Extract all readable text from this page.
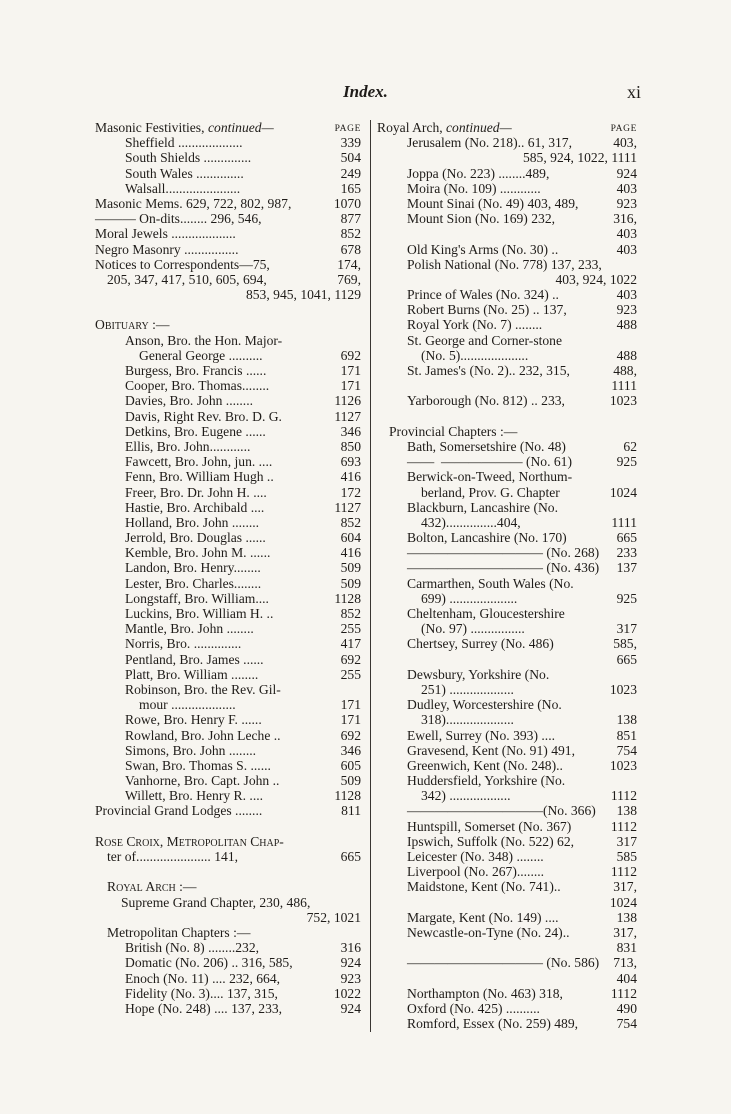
Index.	xi
Masonic Festivities, continued—	PAGE
Sheffield ...................	339
South Shields ..............	504
South Wales ..............	249
Walsall......................	165
Masonic Mems. 629, 722, 802, 987,	1070
——— On-dits........ 296, 546,	877
Moral Jewels ...................	852
Negro Masonry ................	678
Notices to Correspondents—75,	174,
205, 347, 417, 510, 605, 694,	769,
853, 945, 1041, 1129
Obituary :—
Anson, Bro. the Hon. Major-
General George ..........	692
Burgess, Bro. Francis ......	171
Cooper, Bro. Thomas........	171
Davies, Bro. John ........	1126
Davis, Right Rev. Bro. D. G.	1127
Detkins, Bro. Eugene ......	346
Ellis, Bro. John............	850
Fawcett, Bro. John, jun. ....	693
Fenn, Bro. William Hugh ..	416
Freer, Bro. Dr. John H. ....	172
Hastie, Bro. Archibald ....	1127
Holland, Bro. John ........	852
Jerrold, Bro. Douglas ......	604
Kemble, Bro. John M. ......	416
Landon, Bro. Henry........	509
Lester, Bro. Charles........	509
Longstaff, Bro. William....	1128
Luckins, Bro. William H. ..	852
Mantle, Bro. John ........	255
Norris, Bro. ..............	417
Pentland, Bro. James ......	692
Platt, Bro. William ........	255
Robinson, Bro. the Rev. Gil-
mour ...................	171
Rowe, Bro. Henry F. ......	171
Rowland, Bro. John Leche ..	692
Simons, Bro. John ........	346
Swan, Bro. Thomas S. ......	605
Vanhorne, Bro. Capt. John ..	509
Willett, Bro. Henry R. ....	1128
Provincial Grand Lodges ........	811
Rose Croix, Metropolitan Chap-
ter of...................... 141,	665
Royal Arch :—
Supreme Grand Chapter, 230, 486,
752, 1021
Metropolitan Chapters :—
British (No. 8) ........232,	316
Domatic (No. 206) .. 316, 585,	924
Enoch (No. 11) .... 232, 664,	923
Fidelity (No. 3).... 137, 315,	1022
Hope (No. 248) .... 137, 233,	924
Royal Arch, continued—	PAGE
Jerusalem (No. 218).. 61, 317,	403,
585, 924, 1022, 1111
Joppa (No. 223) ........489,	924
Moira (No. 109) ............	403
Mount Sinai (No. 49) 403, 489,	923
Mount Sion (No. 169) 232,	316,
403
Old King's Arms (No. 30) ..	403
Polish National (No. 778) 137, 233,
403, 924, 1022
Prince of Wales (No. 324) ..	403
Robert Burns (No. 25) .. 137,	923
Royal York (No. 7) ........	488
St. George and Corner-stone
(No. 5)....................	488
St. James's (No. 2).. 232, 315,	488,
1111
Yarborough (No. 812) .. 233,	1023
Provincial Chapters :—
Bath, Somersetshire (No. 48)	62
——  —————— (No. 61)	925
Berwick-on-Tweed, Northum-
berland, Prov. G. Chapter	1024
Blackburn, Lancashire (No.
432)...............404,	1111
Bolton, Lancashire (No. 170)	665
—————————— (No. 268) 233
—————————— (No. 436) 137
Carmarthen, South Wales (No.
699) ....................	925
Cheltenham, Gloucestershire
(No. 97) ................	317
Chertsey, Surrey (No. 486)	585,
665
Dewsbury, Yorkshire (No.
251) ...................	1023
Dudley, Worcestershire (No.
318)....................	138
Ewell, Surrey (No. 393) ....	851
Gravesend, Kent (No. 91) 491,	754
Greenwich, Kent (No. 248)..	1023
Huddersfield, Yorkshire (No.
342) ..................	1112
——————————(No. 366) 138
Huntspill, Somerset (No. 367)	1112
Ipswich, Suffolk (No. 522) 62,	317
Leicester (No. 348) ........	585
Liverpool (No. 267)........	1112
Maidstone, Kent (No. 741)..	317,
1024
Margate, Kent (No. 149) ....	138
Newcastle-on-Tyne (No. 24)..	317,
831
—————————— (No. 586) 713,
404
Northampton (No. 463) 318,	1112
Oxford (No. 425) ..........	490
Romford, Essex (No. 259) 489,	754
